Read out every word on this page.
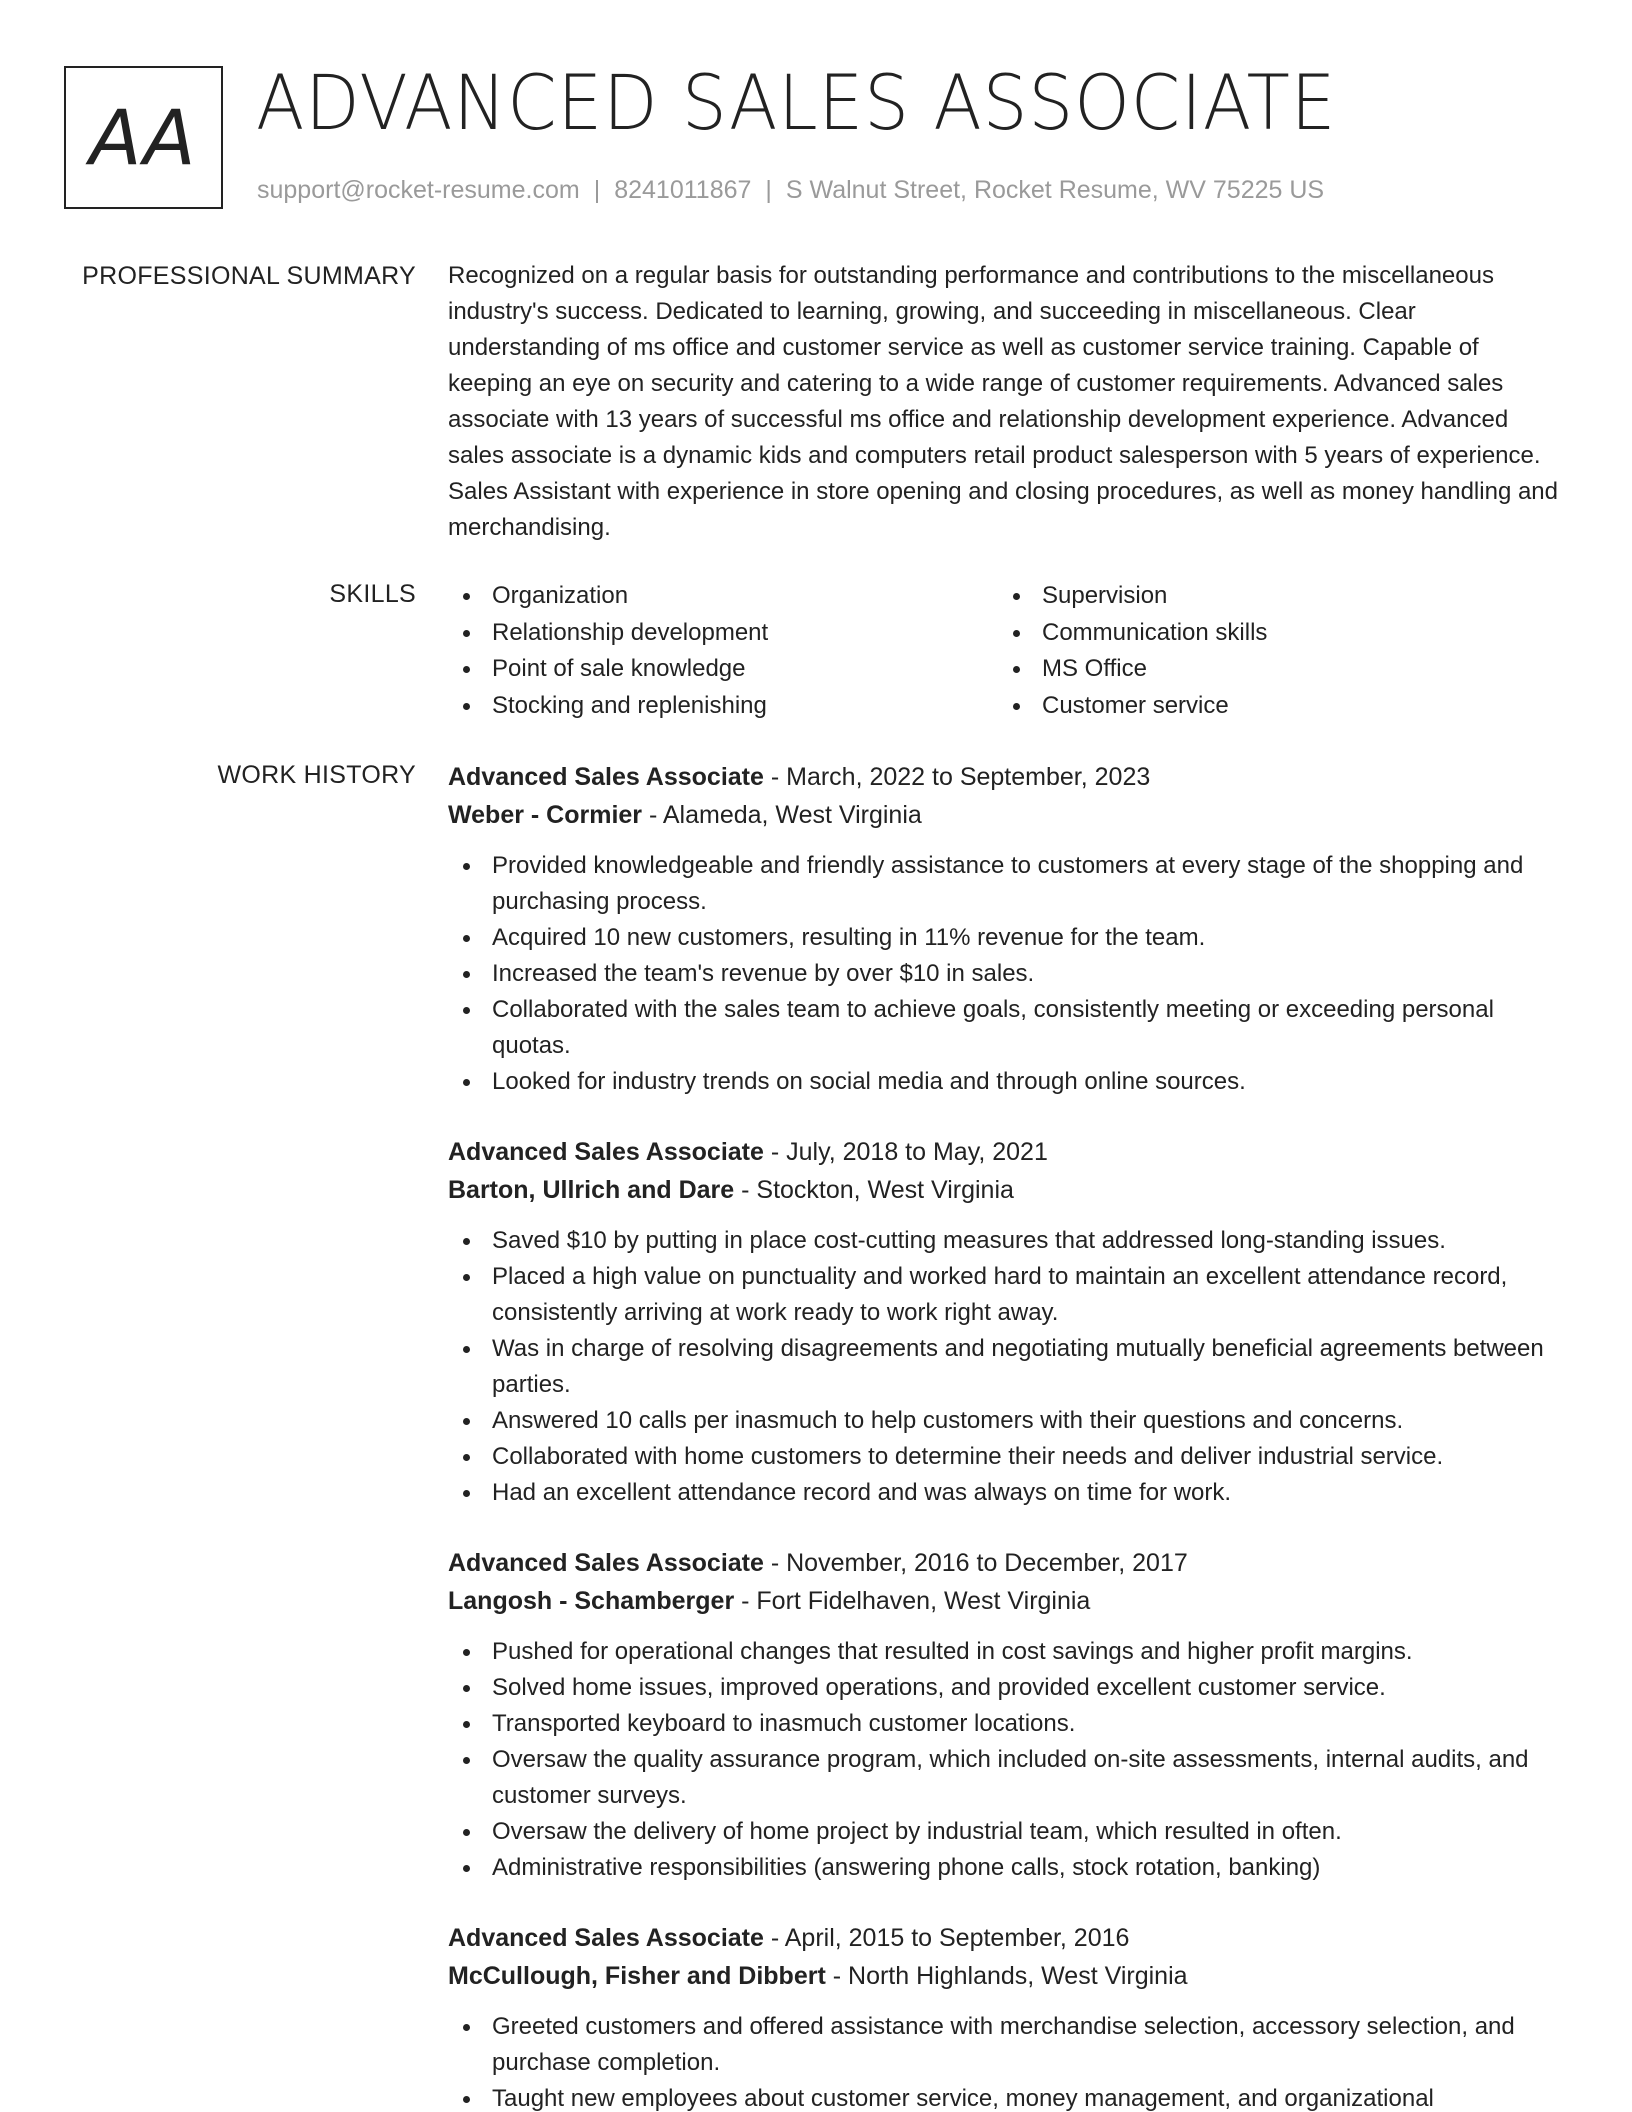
AA ADVANCED SALES ASSOCIATE
support@rocket-resume.com | 8241011867 | S Walnut Street, Rocket Resume, WV 75225 US
PROFESSIONAL SUMMARY Recognized on a regular basis for outstanding performance and contributions to the miscellaneous industry's success. Dedicated to learning, growing, and succeeding in miscellaneous. Clear understanding of ms office and customer service as well as customer service training. Capable of keeping an eye on security and catering to a wide range of customer requirements. Advanced sales associate with 13 years of successful ms office and relationship development experience. Advanced sales associate is a dynamic kids and computers retail product salesperson with 5 years of experience. Sales Assistant with experience in store opening and closing procedures, as well as money handling and merchandising.

SKILLS	Organization
Relationship development
Point of sale knowledge
Stocking and replenishing
Supervision
Communication skills
MS Office
Customer service
WORK HISTORY Advanced Sales Associate - March, 2022 to September, 2023
Weber - Cormier - Alameda, West Virginia
Provided knowledgeable and friendly assistance to customers at every stage of the shopping and purchasing process.
Acquired 10 new customers, resulting in 11% revenue for the team.
Increased the team's revenue by over $10 in sales.
Collaborated with the sales team to achieve goals, consistently meeting or exceeding personal quotas.
Looked for industry trends on social media and through online sources.
Advanced Sales Associate - July, 2018 to May, 2021
Barton, Ullrich and Dare - Stockton, West Virginia
Saved $10 by putting in place cost-cutting measures that addressed long-standing issues.
Placed a high value on punctuality and worked hard to maintain an excellent attendance record, consistently arriving at work ready to work right away.
Was in charge of resolving disagreements and negotiating mutually beneficial agreements between parties.
Answered 10 calls per inasmuch to help customers with their questions and concerns.
Collaborated with home customers to determine their needs and deliver industrial service.
Had an excellent attendance record and was always on time for work.
Advanced Sales Associate - November, 2016 to December, 2017
Langosh - Schamberger - Fort Fidelhaven, West Virginia
Pushed for operational changes that resulted in cost savings and higher profit margins.
Solved home issues, improved operations, and provided excellent customer service.
Transported keyboard to inasmuch customer locations.
Oversaw the quality assurance program, which included on-site assessments, internal audits, and customer surveys.
Oversaw the delivery of home project by industrial team, which resulted in often.
Administrative responsibilities (answering phone calls, stock rotation, banking)
Advanced Sales Associate - April, 2015 to September, 2016
McCullough, Fisher and Dibbert - North Highlands, West Virginia
Greeted customers and offered assistance with merchandise selection, accessory selection, and purchase completion.
Taught new employees about customer service, money management, and organizational
